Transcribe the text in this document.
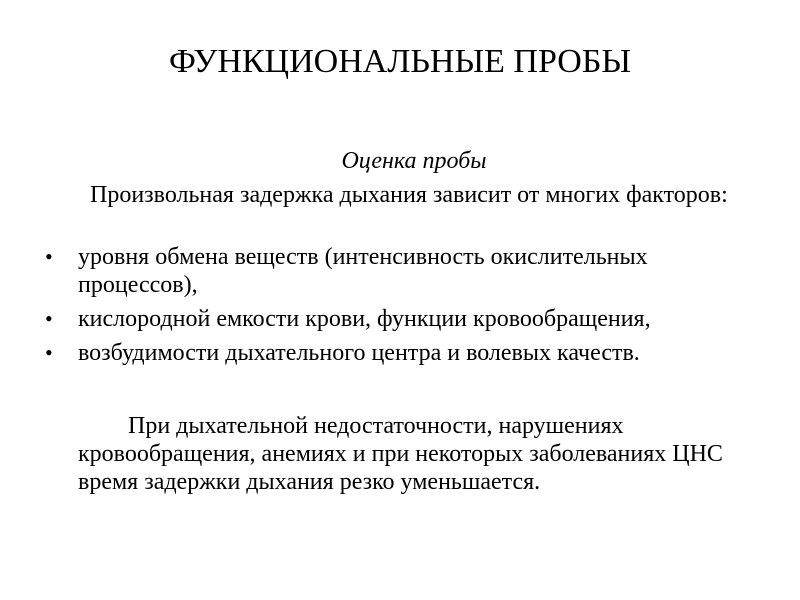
ФУНКЦИОНАЛЬНЫЕ ПРОБЫ
Оценка пробы
Произвольная задержка дыхания зависит от многих факторов:
• уровня обмена веществ (интенсивность окислительных процессов),
• кислородной емкости крови, функции кровообращения,
• возбудимости дыхательного центра и волевых качеств.
При дыхательной недостаточности, нарушениях кровообращения, анемиях и при некоторых заболеваниях ЦНС время задержки дыхания резко уменьшается.
